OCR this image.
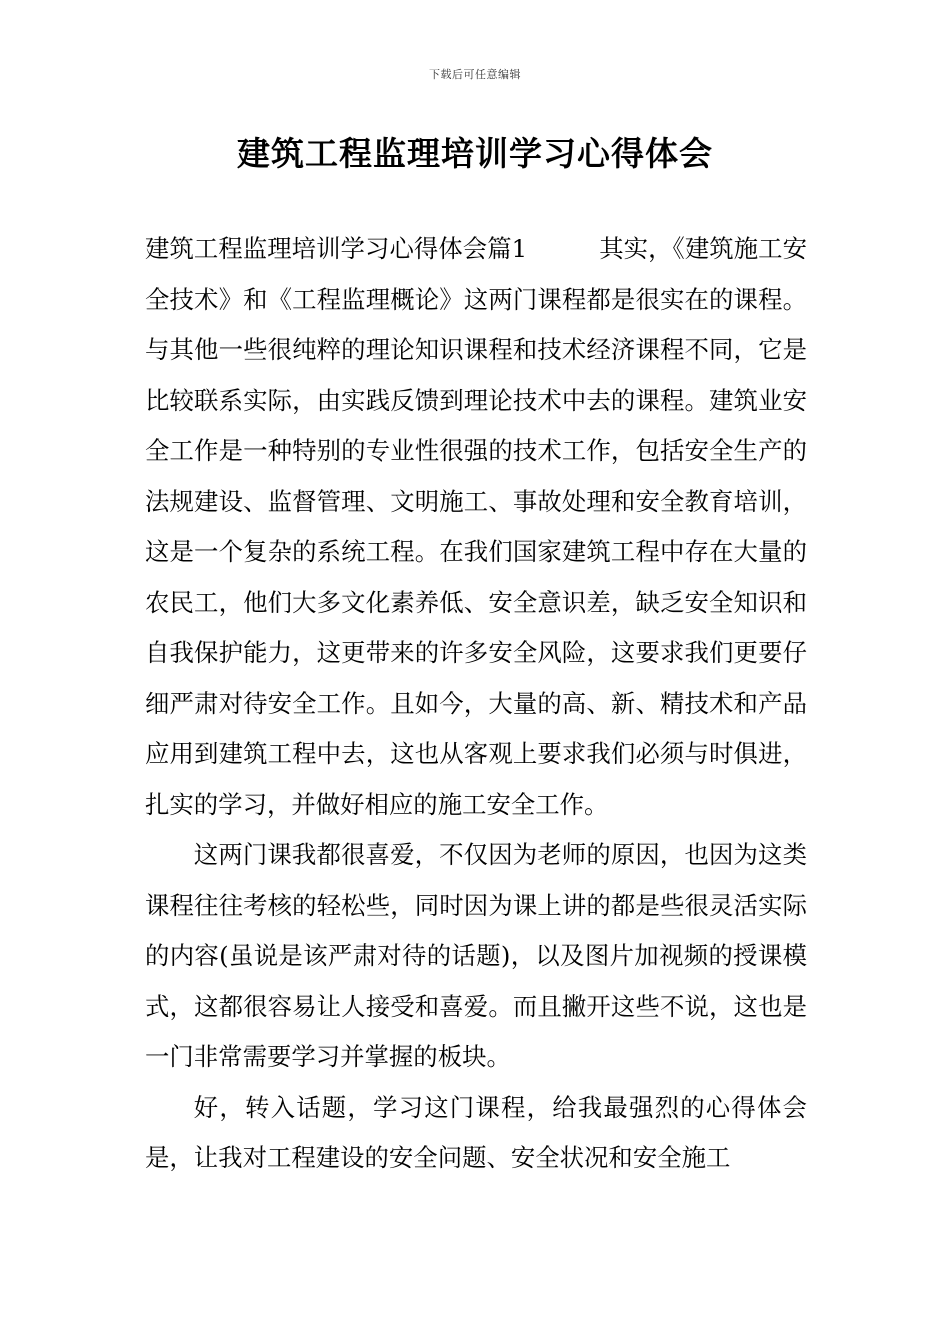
下载后可任意编辑
建筑工程监理培训学习心得体会

建筑工程监理培训学习心得体会篇1	其实，《建筑施工安全技术》和《工程监理概论》这两门课程都是很实在的课程。与其他一些很纯粹的理论知识课程和技术经济课程不同，它是比较联系实际，由实践反馈到理论技术中去的课程。建筑业安全工作是一种特别的专业性很强的技术工作，包括安全生产的法规建设、监督管理、文明施工、事故处理和安全教育培训，这是一个复杂的系统工程。在我们国家建筑工程中存在大量的农民工，他们大多文化素养低、安全意识差，缺乏安全知识和自我保护能力，这更带来的许多安全风险，这要求我们更要仔细严肃对待安全工作。且如今，大量的高、新、精技术和产品应用到建筑工程中去，这也从客观上要求我们必须与时俱进，扎实的学习，并做好相应的施工安全工作。

这两门课我都很喜爱，不仅因为老师的原因，也因为这类课程往往考核的轻松些，同时因为课上讲的都是些很灵活实际的内容(虽说是该严肃对待的话题)，以及图片加视频的授课模式，这都很容易让人接受和喜爱。而且撇开这些不说，这也是一门非常需要学习并掌握的板块。

好，转入话题，学习这门课程，给我最强烈的心得体会是，让我对工程建设的安全问题、安全状况和安全施工
